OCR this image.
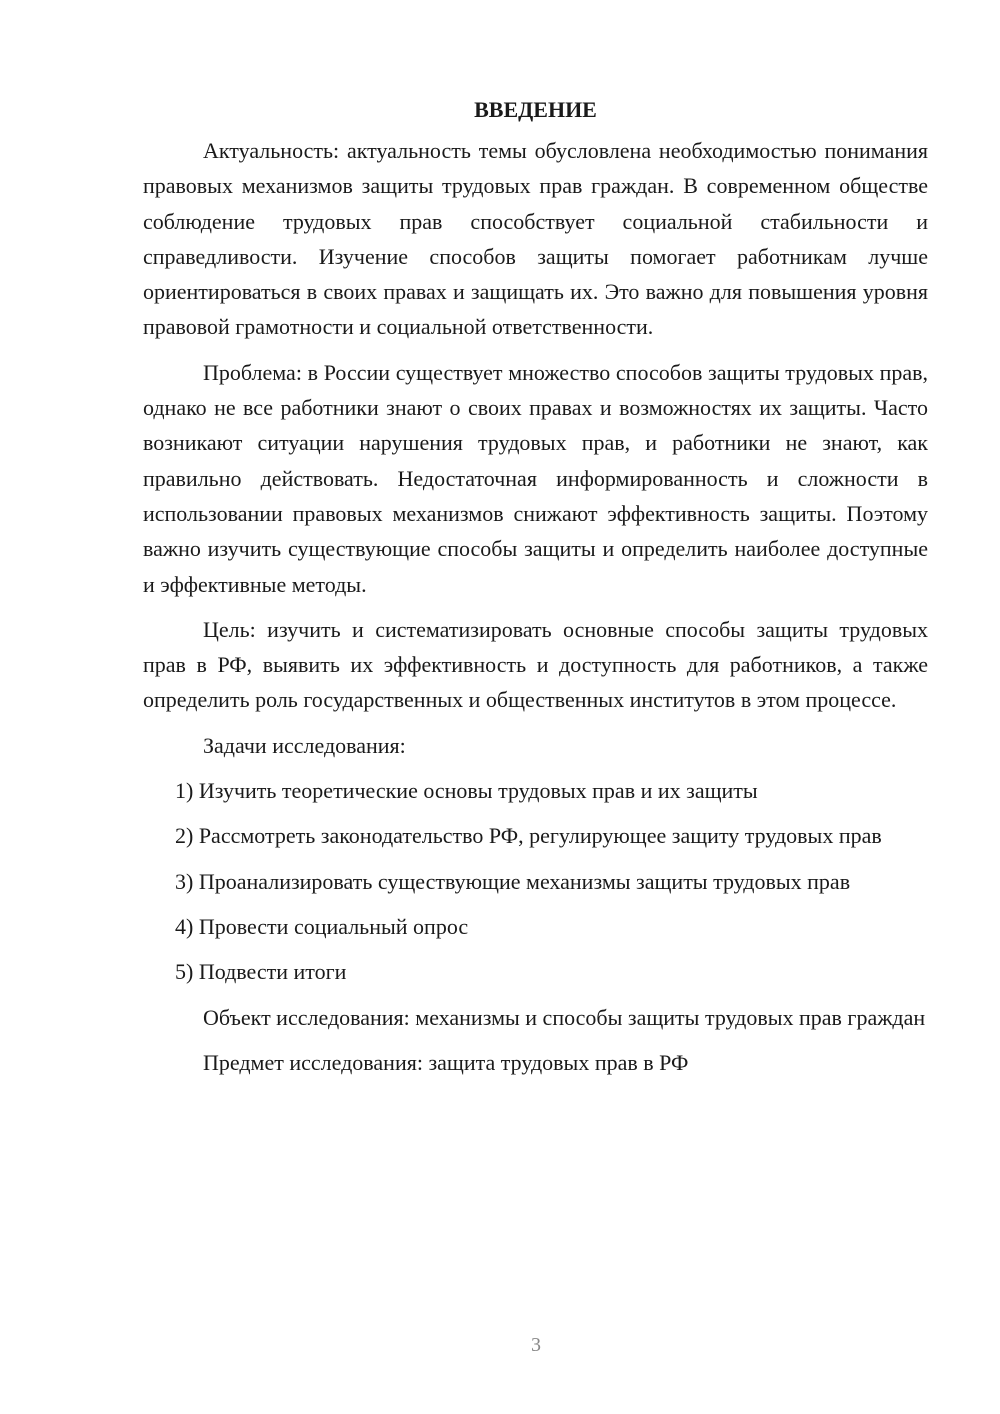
ВВЕДЕНИЕ

Актуальность: актуальность темы обусловлена необходимостью понимания правовых механизмов защиты трудовых прав граждан. В современном обществе соблюдение трудовых прав способствует социальной стабильности и справедливости. Изучение способов защиты помогает работникам лучше ориентироваться в своих правах и защищать их. Это важно для повышения уровня правовой грамотности и социальной ответственности.

Проблема: в России существует множество способов защиты трудовых прав, однако не все работники знают о своих правах и возможностях их защиты. Часто возникают ситуации нарушения трудовых прав, и работники не знают, как правильно действовать. Недостаточная информированность и сложности в использовании правовых механизмов снижают эффективность защиты. Поэтому важно изучить существующие способы защиты и определить наиболее доступные и эффективные методы.

Цель: изучить и систематизировать основные способы защиты трудовых прав в РФ, выявить их эффективность и доступность для работников, а также определить роль государственных и общественных институтов в этом процессе.

Задачи исследования:

1) Изучить теоретические основы трудовых прав и их защиты

2) Рассмотреть законодательство РФ, регулирующее защиту трудовых прав

3) Проанализировать существующие механизмы защиты трудовых прав

4) Провести социальный опрос

5) Подвести итоги

Объект исследования: механизмы и способы защиты трудовых прав граждан

Предмет исследования: защита трудовых прав в РФ

3
